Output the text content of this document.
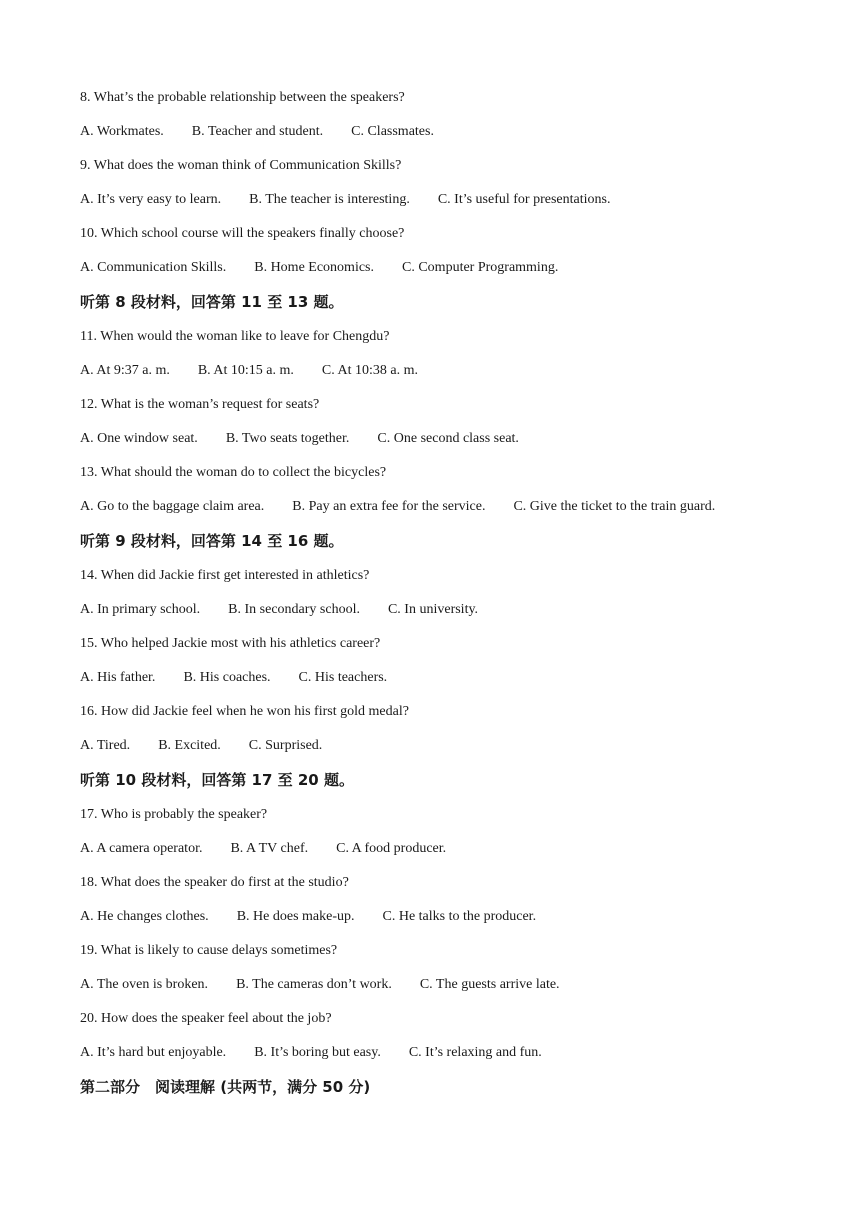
8. What’s the probable relationship between the speakers?
A. Workmates. B. Teacher and student. C. Classmates.
9. What does the woman think of Communication Skills?
A. It’s very easy to learn. B. The teacher is interesting. C. It’s useful for presentations.
10. Which school course will the speakers finally choose?
A. Communication Skills. B. Home Economics. C. Computer Programming.
听第 8 段材料，回答第 11 至 13 题。
11. When would the woman like to leave for Chengdu?
A. At 9:37 a. m. B. At 10:15 a. m. C. At 10:38 a. m.
12. What is the woman’s request for seats?
A. One window seat. B. Two seats together. C. One second class seat.
13. What should the woman do to collect the bicycles?
A. Go to the baggage claim area. B. Pay an extra fee for the service. C. Give the ticket to the train guard.
听第 9 段材料，回答第 14 至 16 题。
14. When did Jackie first get interested in athletics?
A. In primary school. B. In secondary school. C. In university.
15. Who helped Jackie most with his athletics career?
A. His father. B. His coaches. C. His teachers.
16. How did Jackie feel when he won his first gold medal?
A. Tired. B. Excited. C. Surprised.
听第 10 段材料，回答第 17 至 20 题。
17. Who is probably the speaker?
A. A camera operator. B. A TV chef. C. A food producer.
18. What does the speaker do first at the studio?
A. He changes clothes. B. He does make-up. C. He talks to the producer.
19. What is likely to cause delays sometimes?
A. The oven is broken. B. The cameras don’t work. C. The guests arrive late.
20. How does the speaker feel about the job?
A. It’s hard but enjoyable. B. It’s boring but easy. C. It’s relaxing and fun.
第二部分　阅读理解 (共两节，满分 50 分)
